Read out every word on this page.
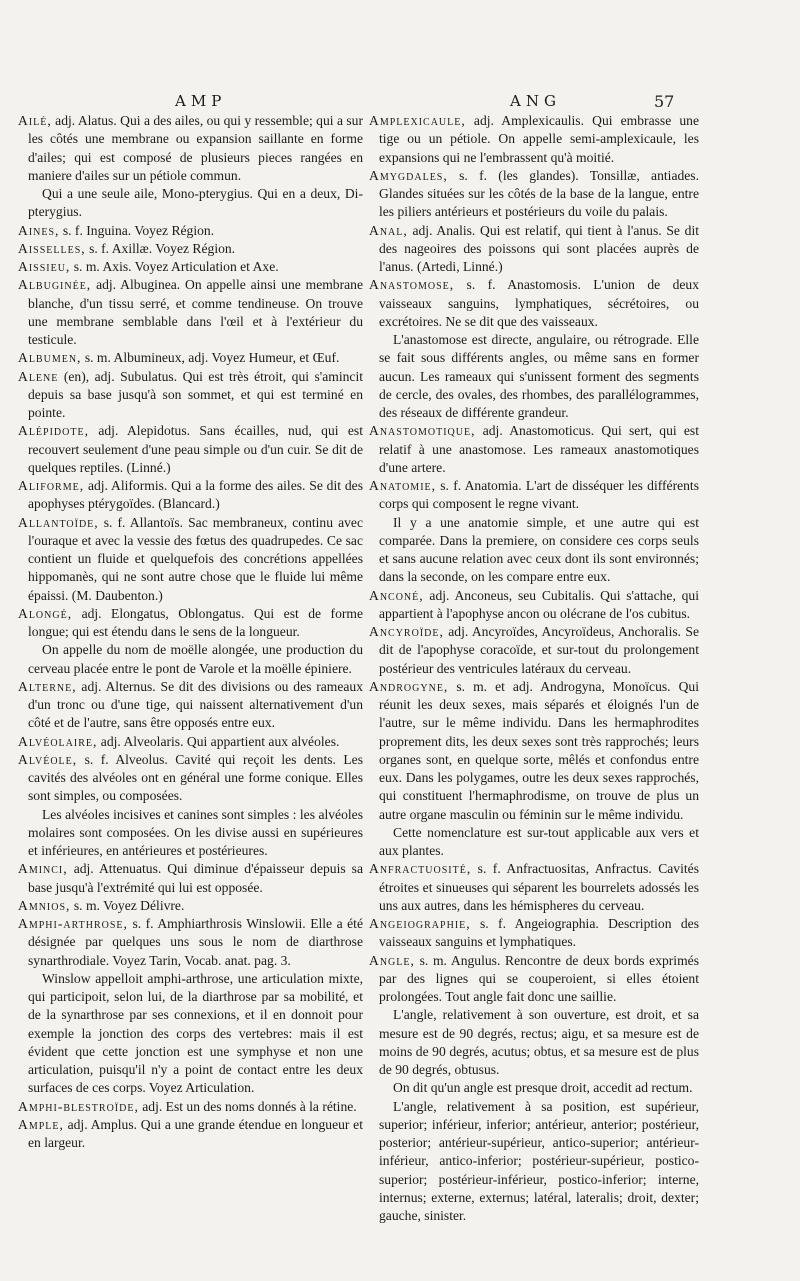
AMP	ANG	57

Ailé, adj. Alatus. Qui a des ailes, ou qui y ressemble; qui a sur les côtés une membrane ou expansion saillante en forme d'ailes; qui est composé de plusieurs pieces rangées en maniere d'ailes sur un pétiole commun.

Qui a une seule aile, Mono-pterygius. Qui en a deux, Di-pterygius.

Aines, s. f. Inguina. Voyez Région.

Aisselles, s. f. Axillæ. Voyez Région.

Aissieu, s. m. Axis. Voyez Articulation et Axe.

Albuginée, adj. Albuginea. On appelle ainsi une membrane blanche, d'un tissu serré, et comme tendineuse. On trouve une membrane semblable dans l'œil et à l'extérieur du testicule.

Albumen, s. m. Albumineux, adj. Voyez Humeur, et Œuf.

Alene (en), adj. Subulatus. Qui est très étroit, qui s'amincit depuis sa base jusqu'à son sommet, et qui est terminé en pointe.

Alépidote, adj. Alepidotus. Sans écailles, nud, qui est recouvert seulement d'une peau simple ou d'un cuir. Se dit de quelques reptiles. (Linné.)

Aliforme, adj. Aliformis. Qui a la forme des ailes. Se dit des apophyses ptérygoïdes. (Blancard.)

Allantoïde, s. f. Allantoïs. Sac membraneux, continu avec l'ouraque et avec la vessie des fœtus des quadrupedes. Ce sac contient un fluide et quelquefois des concrétions appellées hippomanès, qui ne sont autre chose que le fluide lui même épaissi. (M. Daubenton.)

Alongé, adj. Elongatus, Oblongatus. Qui est de forme longue; qui est étendu dans le sens de la longueur.

On appelle du nom de moëlle alongée, une production du cerveau placée entre le pont de Varole et la moëlle épiniere.

Alterne, adj. Alternus. Se dit des divisions ou des rameaux d'un tronc ou d'une tige, qui naissent alternativement d'un côté et de l'autre, sans être opposés entre eux.

Alvéolaire, adj. Alveolaris. Qui appartient aux alvéoles.

Alvéole, s. f. Alveolus. Cavité qui reçoit les dents. Les cavités des alvéoles ont en général une forme conique. Elles sont simples, ou composées.

Les alvéoles incisives et canines sont simples : les alvéoles molaires sont composées. On les divise aussi en supérieures et inférieures, en antérieures et postérieures.

Aminci, adj. Attenuatus. Qui diminue d'épaisseur depuis sa base jusqu'à l'extrémité qui lui est opposée.

Amnios, s. m. Voyez Délivre.

Amphi-arthrose, s. f. Amphiarthrosis Winslowii. Elle a été désignée par quelques uns sous le nom de diarthrose synarthrodiale. Voyez Tarin, Vocab. anat. pag. 3.

Winslow appelloit amphi-arthrose, une articulation mixte, qui participoit, selon lui, de la diarthrose par sa mobilité, et de la synarthrose par ses connexions, et il en donnoit pour exemple la jonction des corps des vertebres: mais il est évident que cette jonction est une symphyse et non une articulation, puisqu'il n'y a point de contact entre les deux surfaces de ces corps. Voyez Articulation.

Amphi-blestroïde, adj. Est un des noms donnés à la rétine.

Ample, adj. Amplus. Qui a une grande étendue en longueur et en largeur.

Amplexicaule, adj. Amplexicaulis. Qui embrasse une tige ou un pétiole. On appelle semi-amplexicaule, les expansions qui ne l'embrassent qu'à moitié.

Amygdales, s. f. (les glandes). Tonsillæ, antiades. Glandes situées sur les côtés de la base de la langue, entre les piliers antérieurs et postérieurs du voile du palais.

Anal, adj. Analis. Qui est relatif, qui tient à l'anus. Se dit des nageoires des poissons qui sont placées auprès de l'anus. (Artedi, Linné.)

Anastomose, s. f. Anastomosis. L'union de deux vaisseaux sanguins, lymphatiques, sécrétoires, ou excrétoires. Ne se dit que des vaisseaux.

L'anastomose est directe, angulaire, ou rétrograde. Elle se fait sous différents angles, ou même sans en former aucun. Les rameaux qui s'unissent forment des segments de cercle, des ovales, des rhombes, des parallélogrammes, des réseaux de différente grandeur.

Anastomotique, adj. Anastomoticus. Qui sert, qui est relatif à une anastomose. Les rameaux anastomotiques d'une artere.

Anatomie, s. f. Anatomia. L'art de disséquer les différents corps qui composent le regne vivant.

Il y a une anatomie simple, et une autre qui est comparée. Dans la premiere, on considere ces corps seuls et sans aucune relation avec ceux dont ils sont environnés; dans la seconde, on les compare entre eux.

Anconé, adj. Anconeus, seu Cubitalis. Qui s'attache, qui appartient à l'apophyse ancon ou olécrane de l'os cubitus.

Ancyroïde, adj. Ancyroïdes, Ancyroïdeus, Anchoralis. Se dit de l'apophyse coracoïde, et sur-tout du prolongement postérieur des ventricules latéraux du cerveau.

Androgyne, s. m. et adj. Androgyna, Monoïcus. Qui réunit les deux sexes, mais séparés et éloignés l'un de l'autre, sur le même individu. Dans les hermaphrodites proprement dits, les deux sexes sont très rapprochés; leurs organes sont, en quelque sorte, mêlés et confondus entre eux. Dans les polygames, outre les deux sexes rapprochés, qui constituent l'hermaphrodisme, on trouve de plus un autre organe masculin ou féminin sur le même individu.

Cette nomenclature est sur-tout applicable aux vers et aux plantes.

Anfractuosité, s. f. Anfractuositas, Anfractus. Cavités étroites et sinueuses qui séparent les bourrelets adossés les uns aux autres, dans les hémispheres du cerveau.

Angeiographie, s. f. Angeiographia. Description des vaisseaux sanguins et lymphatiques.

Angle, s. m. Angulus. Rencontre de deux bords exprimés par des lignes qui se couperoient, si elles étoient prolongées. Tout angle fait donc une saillie.

L'angle, relativement à son ouverture, est droit, et sa mesure est de 90 degrés, rectus; aigu, et sa mesure est de moins de 90 degrés, acutus; obtus, et sa mesure est de plus de 90 degrés, obtusus.

On dit qu'un angle est presque droit, accedit ad rectum.

L'angle, relativement à sa position, est supérieur, superior; inférieur, inferior; antérieur, anterior; postérieur, posterior; antérieur-supérieur, antico-superior; antérieur-inférieur, antico-inferior; postérieur-supérieur, postico-superior; postérieur-inférieur, postico-inferior; interne, internus; externe, externus; latéral, lateralis; droit, dexter; gauche, sinister.
